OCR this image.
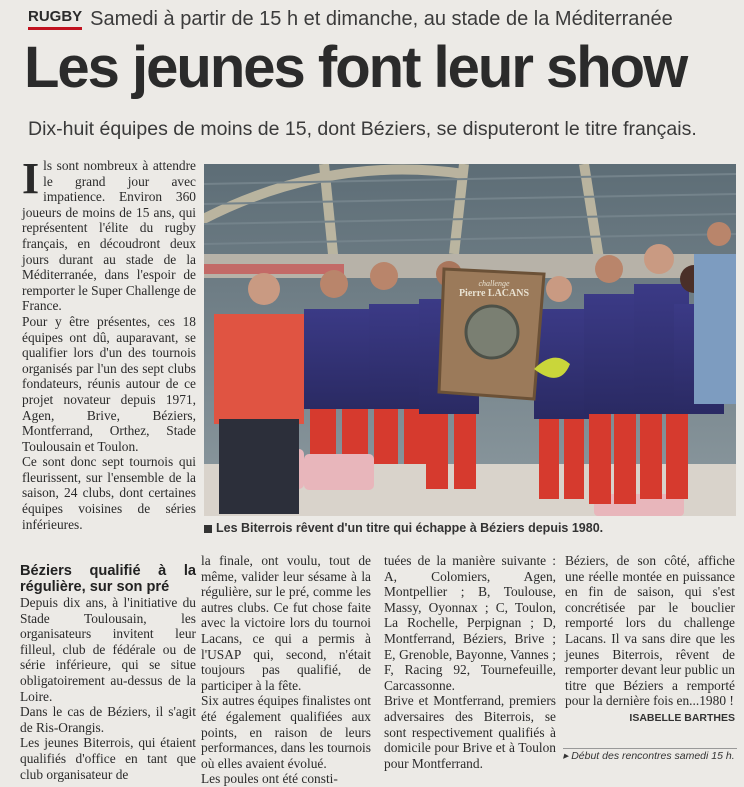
RUGBY Samedi à partir de 15 h et dimanche, au stade de la Méditerranée
Les jeunes font leur show

Dix-huit équipes de moins de 15, dont Béziers, se disputeront le titre français.

I ls sont nombreux à attendre le grand jour avec impatience. Environ 360 joueurs de moins de 15 ans, qui représentent l'élite du rugby français, en découdront deux jours durant au stade de la Méditerranée, dans l'espoir de remporter le Super Challenge de France.

Pour y être présentes, ces 18 équipes ont dû, auparavant, se qualifier lors d'un des tournois organisés par l'un des sept clubs fondateurs, réunis autour de ce projet novateur depuis 1971, Agen, Brive, Béziers, Montferrand, Orthez, Stade Toulousain et Toulon.

Ce sont donc sept tournois qui fleurissent, sur l'ensemble de la saison, 24 clubs, dont certaines équipes voisines de séries inférieures.

Béziers qualifié à la régulière, sur son pré

Depuis dix ans, à l'initiative du Stade Toulousain, les organisateurs invitent leur filleul, club de fédérale ou de série inférieure, qui se situe obligatoirement au-dessus de la Loire.

Dans le cas de Béziers, il s'agit de Ris-Orangis.

Les jeunes Biterrois, qui étaient qualifiés d'office en tant que club organisateur de

challenge
Pierre LACANS
Les Biterrois rêvent d'un titre qui échappe à Béziers depuis 1980.

la finale, ont voulu, tout de même, valider leur sésame à la régulière, sur le pré, comme les autres clubs. Ce fut chose faite avec la victoire lors du tournoi Lacans, ce qui a permis à l'USAP qui, second, n'était toujours pas qualifié, de participer à la fête.

Six autres équipes finalistes ont été également qualifiées aux points, en raison de leurs performances, dans les tournois où elles avaient évolué.

Les poules ont été consti-

tuées de la manière suivante : A, Colomiers, Agen, Montpellier ; B, Toulouse, Massy, Oyonnax ; C, Toulon, La Rochelle, Perpignan ; D, Montferrand, Béziers, Brive ; E, Grenoble, Bayonne, Vannes ; F, Racing 92, Tournefeuille, Carcassonne.

Brive et Montferrand, premiers adversaires des Biterrois, se sont respectivement qualifiés à domicile pour Brive et à Toulon pour Montferrand.

Béziers, de son côté, affiche une réelle montée en puissance en fin de saison, qui s'est concrétisée par le bouclier remporté lors du challenge Lacans. Il va sans dire que les jeunes Biterrois, rêvent de remporter devant leur public un titre que Béziers a remporté pour la dernière fois en...1980 !

ISABELLE BARTHES
▸ Début des rencontres samedi 15 h.
